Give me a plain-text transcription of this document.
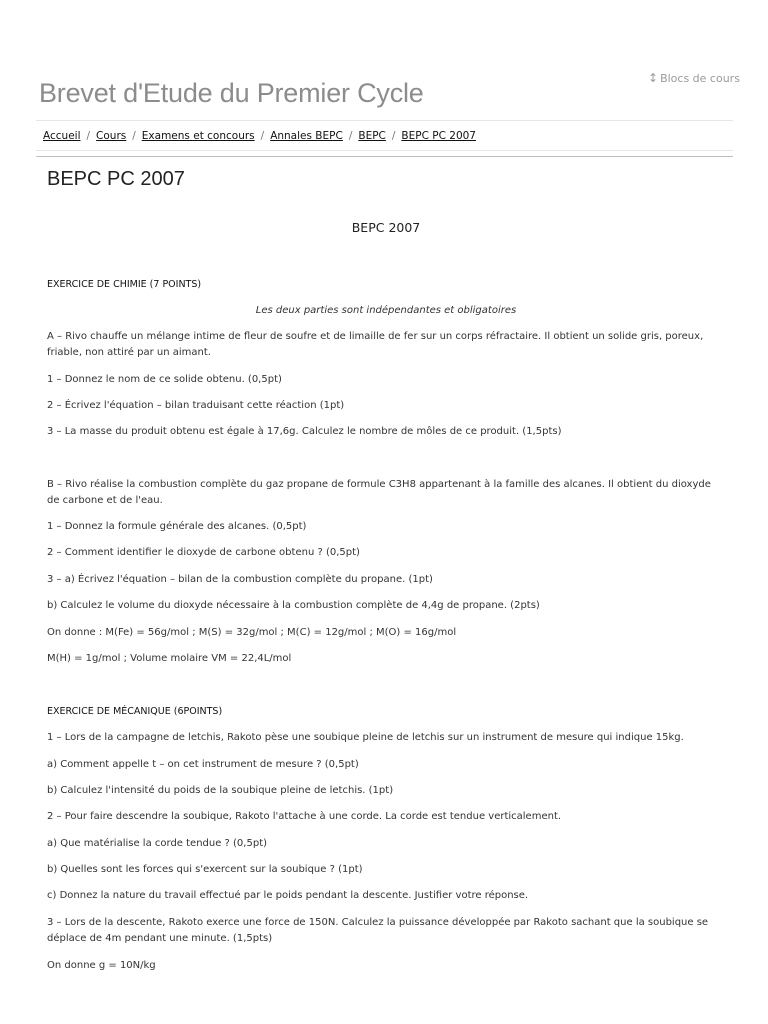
↕ Blocs de cours
Brevet d'Etude du Premier Cycle
Accueil / Cours / Examens et concours / Annales BEPC / BEPC / BEPC PC 2007
BEPC PC 2007

BEPC 2007

EXERCICE DE CHIMIE (7 POINTS)

Les deux parties sont indépendantes et obligatoires

A – Rivo chauffe un mélange intime de fleur de soufre et de limaille de fer sur un corps réfractaire. Il obtient un solide gris, poreux, friable, non attiré par un aimant.

1 – Donnez le nom de ce solide obtenu. (0,5pt)

2 – Écrivez l'équation – bilan traduisant cette réaction (1pt)

3 – La masse du produit obtenu est égale à 17,6g. Calculez le nombre de môles de ce produit. (1,5pts)

B – Rivo réalise la combustion complète du gaz propane de formule C3H8 appartenant à la famille des alcanes. Il obtient du dioxyde de carbone et de l'eau.

1 – Donnez la formule générale des alcanes. (0,5pt)

2 – Comment identifier le dioxyde de carbone obtenu ? (0,5pt)

3 – a) Écrivez l'équation – bilan de la combustion complète du propane. (1pt)

b) Calculez le volume du dioxyde nécessaire à la combustion complète de 4,4g de propane. (2pts)

On donne : M(Fe) = 56g/mol ; M(S) = 32g/mol ; M(C) = 12g/mol ; M(O) = 16g/mol

M(H) = 1g/mol ; Volume molaire VM = 22,4L/mol

EXERCICE DE MÉCANIQUE (6POINTS)

1 – Lors de la campagne de letchis, Rakoto pèse une soubique pleine de letchis sur un instrument de mesure qui indique 15kg.

a) Comment appelle t – on cet instrument de mesure ? (0,5pt)

b) Calculez l'intensité du poids de la soubique pleine de letchis. (1pt)

2 – Pour faire descendre la soubique, Rakoto l'attache à une corde. La corde est tendue verticalement.

a) Que matérialise la corde tendue ? (0,5pt)

b) Quelles sont les forces qui s'exercent sur la soubique ? (1pt)

c) Donnez la nature du travail effectué par le poids pendant la descente. Justifier votre réponse.

3 – Lors de la descente, Rakoto exerce une force de 150N. Calculez la puissance développée par Rakoto sachant que la soubique se déplace de 4m pendant une minute. (1,5pts)

On donne g = 10N/kg
